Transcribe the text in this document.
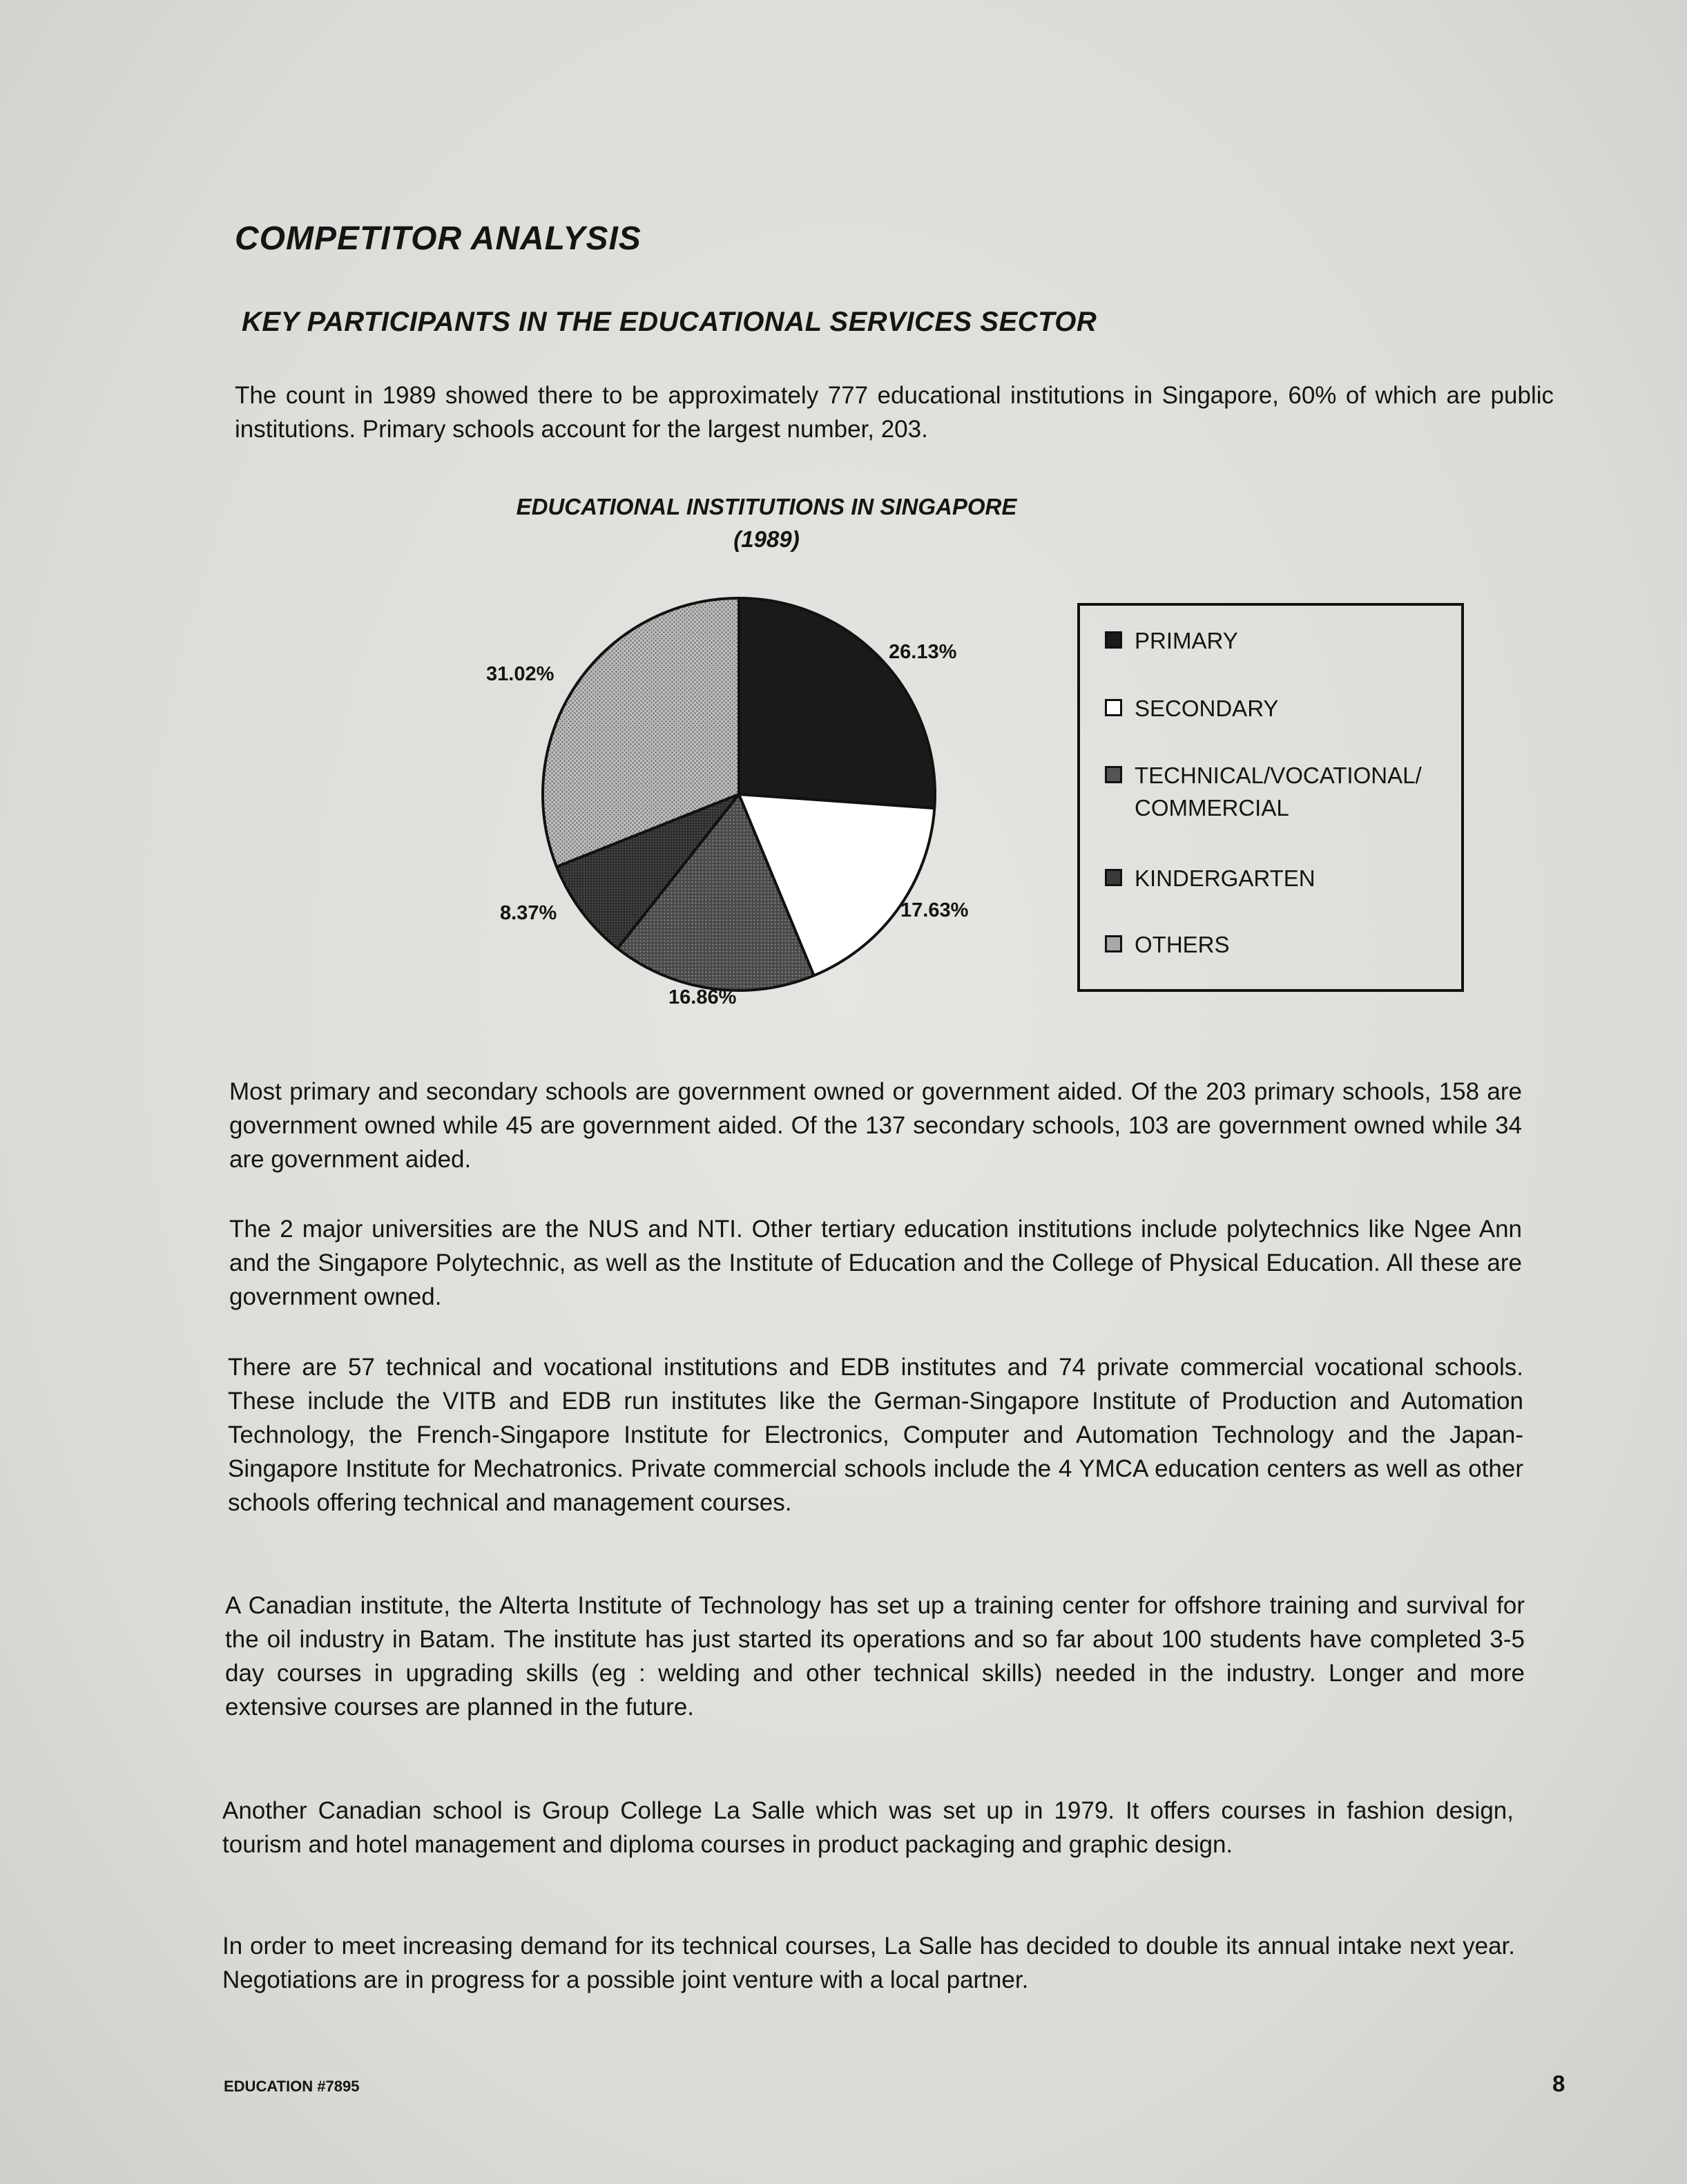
COMPETITOR ANALYSIS
KEY PARTICIPANTS IN THE EDUCATIONAL SERVICES SECTOR
The count in 1989 showed there to be approximately 777 educational institutions in Singapore, 60% of which are public institutions. Primary schools account for the largest number, 203.
EDUCATIONAL INSTITUTIONS IN SINGAPORE
(1989)
26.13%
17.63%
16.86%
8.37%
31.02%
PRIMARY
SECONDARY
TECHNICAL/VOCATIONAL/
COMMERCIAL
KINDERGARTEN
OTHERS
Most primary and secondary schools are government owned or government aided. Of the 203 primary schools, 158 are government owned while 45 are government aided. Of the 137 secondary schools, 103 are government owned while 34 are government aided.
The 2 major universities are the NUS and NTI. Other tertiary education institutions include polytechnics like Ngee Ann and the Singapore Polytechnic, as well as the Institute of Education and the College of Physical Education. All these are government owned.
There are 57 technical and vocational institutions and EDB institutes and 74 private commercial vocational schools. These include the VITB and EDB run institutes like the German-Singapore Institute of Production and Automation Technology, the French-Singapore Institute for Electronics, Computer and Automation Technology and the Japan-Singapore Institute for Mechatronics. Private commercial schools include the 4 YMCA education centers as well as other schools offering technical and management courses.
A Canadian institute, the Alterta Institute of Technology has set up a training center for offshore training and survival for the oil industry in Batam. The institute has just started its operations and so far about 100 students have completed 3-5 day courses in upgrading skills (eg : welding and other technical skills) needed in the industry. Longer and more extensive courses are planned in the future.
Another Canadian school is Group College La Salle which was set up in 1979. It offers courses in fashion design, tourism and hotel management and diploma courses in product packaging and graphic design.
In order to meet increasing demand for its technical courses, La Salle has decided to double its annual intake next year. Negotiations are in progress for a possible joint venture with a local partner.
EDUCATION #7895	8
